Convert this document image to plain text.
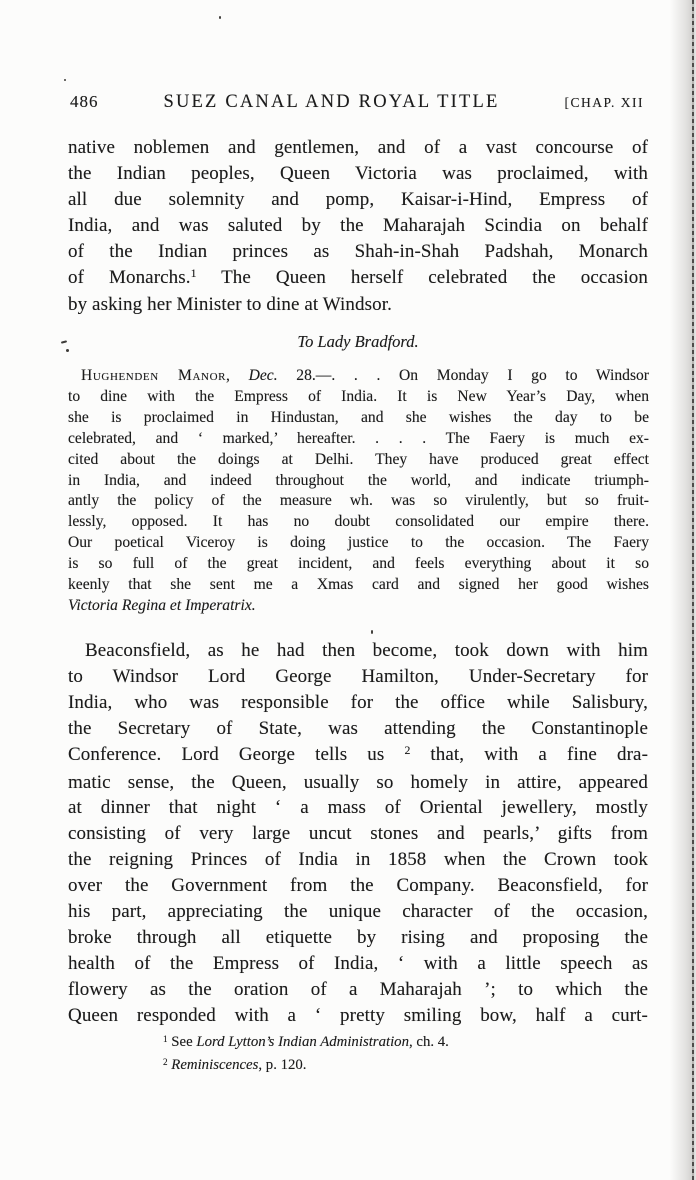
486	SUEZ CANAL AND ROYAL TITLE	[CHAP. XII
native noblemen and gentlemen, and of a vast concourse of
the Indian peoples, Queen Victoria was proclaimed, with
all due solemnity and pomp, Kaisar-i-Hind, Empress of
India, and was saluted by the Maharajah Scindia on behalf
of the Indian princes as Shah-in-Shah Padshah, Monarch
of Monarchs.$^1$ The Queen herself celebrated the occasion
by asking her Minister to dine at Windsor.
To Lady Bradford.
Hughenden Manor, Dec. 28.—. . . On Monday I go to Windsor
to dine with the Empress of India. It is New Year’s Day, when
she is proclaimed in Hindustan, and she wishes the day to be
celebrated, and ‘ marked,’ hereafter. . . . The Faery is much ex-
cited about the doings at Delhi. They have produced great effect
in India, and indeed throughout the world, and indicate triumph-
antly the policy of the measure wh. was so virulently, but so fruit-
lessly, opposed. It has no doubt consolidated our empire there.
Our poetical Viceroy is doing justice to the occasion. The Faery
is so full of the great incident, and feels everything about it so
keenly that she sent me a Xmas card and signed her good wishes
Victoria Regina et Imperatrix.
Beaconsfield, as he had then become, took down with him
to Windsor Lord George Hamilton, Under-Secretary for
India, who was responsible for the office while Salisbury,
the Secretary of State, was attending the Constantinople
Conference. Lord George tells us $^2$ that, with a fine dra-
matic sense, the Queen, usually so homely in attire, appeared
at dinner that night ‘ a mass of Oriental jewellery, mostly
consisting of very large uncut stones and pearls,’ gifts from
the reigning Princes of India in 1858 when the Crown took
over the Government from the Company. Beaconsfield, for
his part, appreciating the unique character of the occasion,
broke through all etiquette by rising and proposing the
health of the Empress of India, ‘ with a little speech as
flowery as the oration of a Maharajah ’; to which the
Queen responded with a ‘ pretty smiling bow, half a curt-
$^1$ See Lord Lytton’s Indian Administration, ch. 4.
$^2$ Reminiscences, p. 120.
